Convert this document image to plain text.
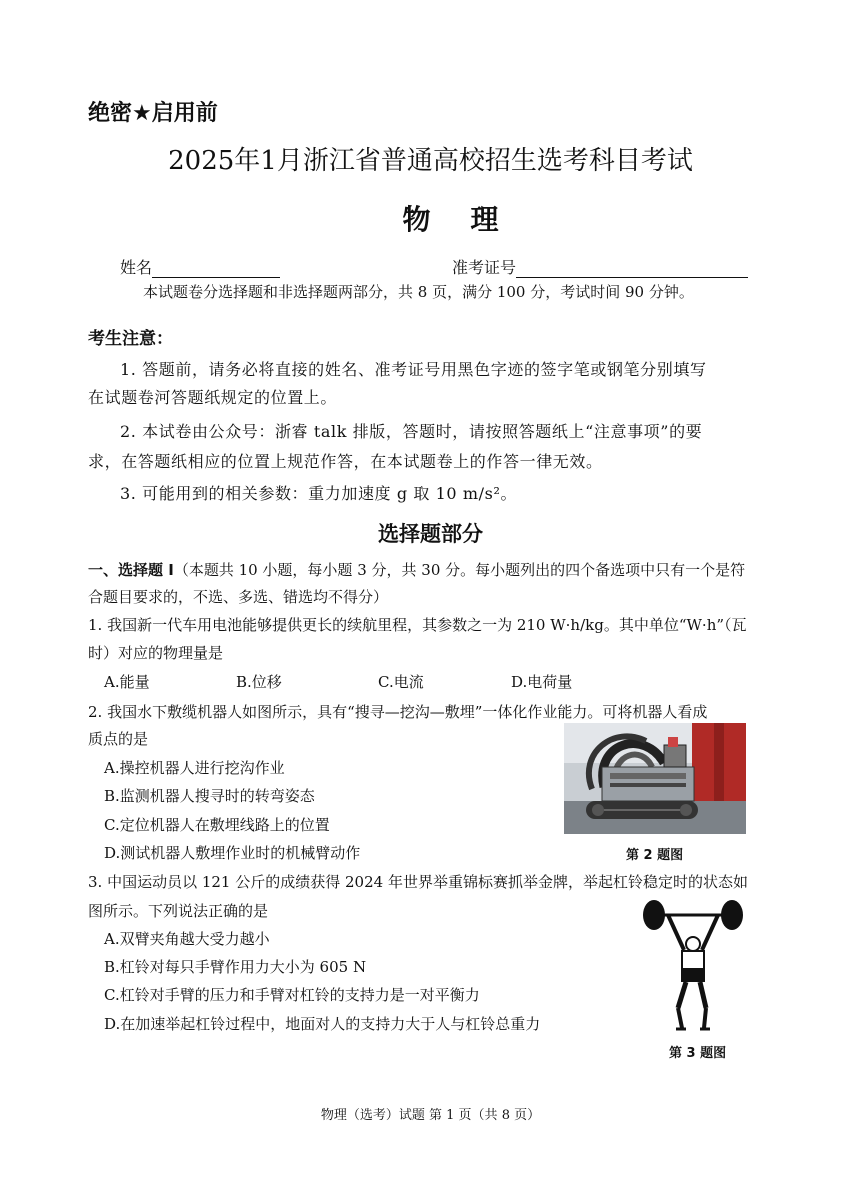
绝密★启用前
2025年1月浙江省普通高校招生选考科目考试
物理
姓名	准考证号
本试题卷分选择题和非选择题两部分，共 8 页，满分 100 分，考试时间 90 分钟。
考生注意：
1. 答题前，请务必将直接的姓名、准考证号用黑色字迹的签字笔或钢笔分别填写
在试题卷河答题纸规定的位置上。
2. 本试卷由公众号：浙睿 talk 排版，答题时，请按照答题纸上“注意事项”的要
求，在答题纸相应的位置上规范作答，在本试题卷上的作答一律无效。
3. 可能用到的相关参数：重力加速度 g 取 10 m/s²。
选择题部分
一、选择题 I（本题共 10 小题，每小题 3 分，共 30 分。每小题列出的四个备选项中只有一个是符
合题目要求的，不选、多选、错选均不得分）
1. 我国新一代车用电池能够提供更长的续航里程，其参数之一为 210 W·h/kg。其中单位“W·h”（瓦
时）对应的物理量是
A.能量	B.位移	C.电流	D.电荷量
2. 我国水下敷缆机器人如图所示，具有“搜寻—挖沟—敷埋”一体化作业能力。可将机器人看成
质点的是
A.操控机器人进行挖沟作业
B.监测机器人搜寻时的转弯姿态
C.定位机器人在敷埋线路上的位置
D.测试机器人敷埋作业时的机械臂动作	第 2 题图
3. 中国运动员以 121 公斤的成绩获得 2024 年世界举重锦标赛抓举金牌，举起杠铃稳定时的状态如
图所示。下列说法正确的是
A.双臂夹角越大受力越小
B.杠铃对每只手臂作用力大小为 605 N
C.杠铃对手臂的压力和手臂对杠铃的支持力是一对平衡力
D.在加速举起杠铃过程中，地面对人的支持力大于人与杠铃总重力
第 3 题图
物理（选考）试题 第 1 页（共 8 页）
